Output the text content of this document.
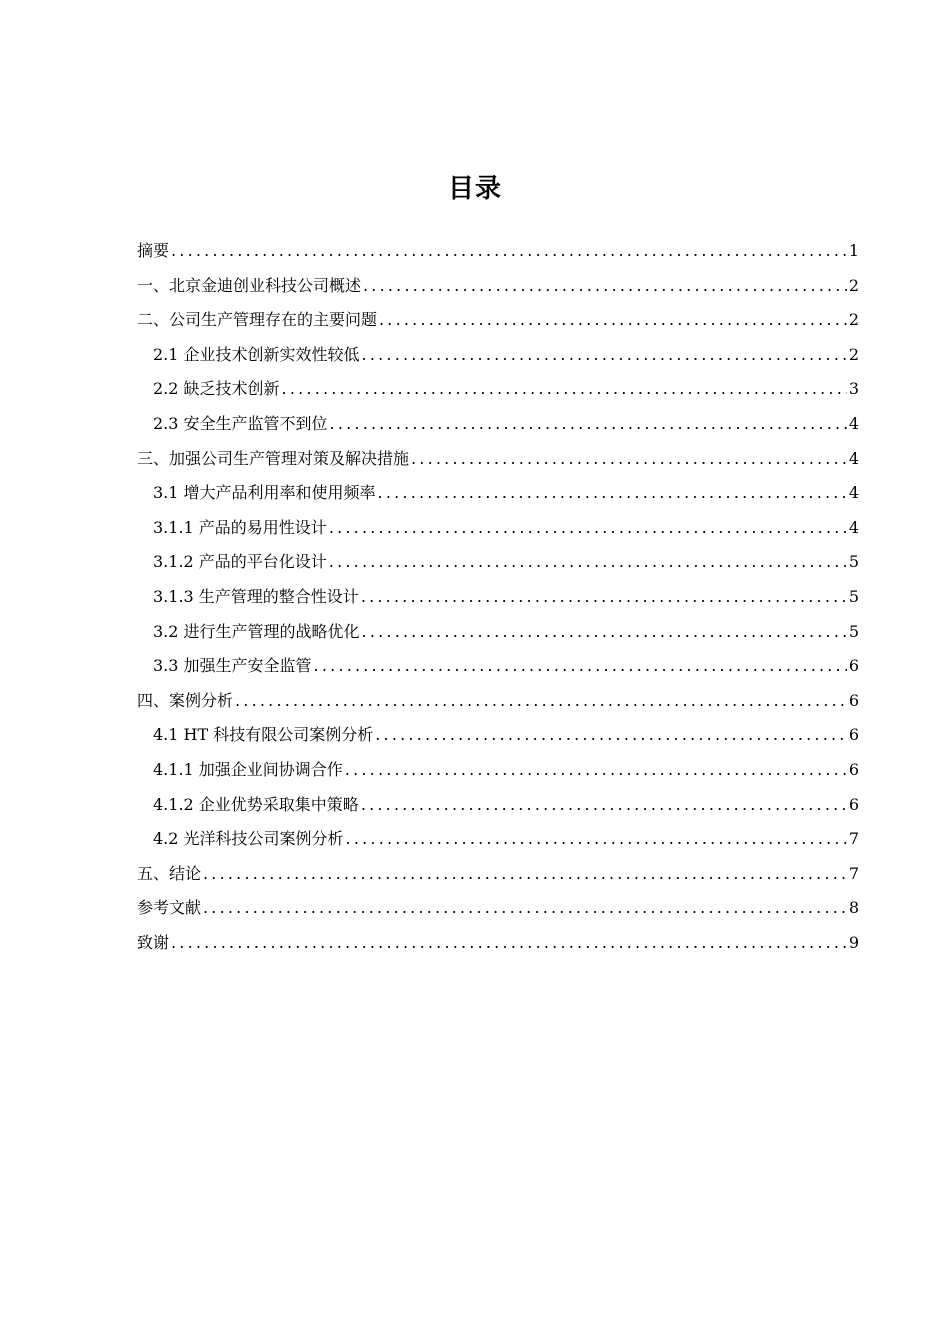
目录
摘要 .....	1
一、北京金迪创业科技公司概述 .....	2
二、公司生产管理存在的主要问题 .....	2
2.1 企业技术创新实效性较低 .....	2
2.2 缺乏技术创新 .....	3
2.3 安全生产监管不到位 .....	4
三、加强公司生产管理对策及解决措施 .....	4
3.1 增大产品利用率和使用频率 .....	4
3.1.1 产品的易用性设计 .....	4
3.1.2 产品的平台化设计 .....	5
3.1.3 生产管理的整合性设计 .....	5
3.2 进行生产管理的战略优化 .....	5
3.3 加强生产安全监管 .....	6
四、案例分析 .....	6
4.1 HT 科技有限公司案例分析 .....	6
4.1.1 加强企业间协调合作 .....	6
4.1.2 企业优势采取集中策略 .....	6
4.2 光洋科技公司案例分析 .....	7
五、结论 .....	7
参考文献 .....	8
致谢 .....	9
